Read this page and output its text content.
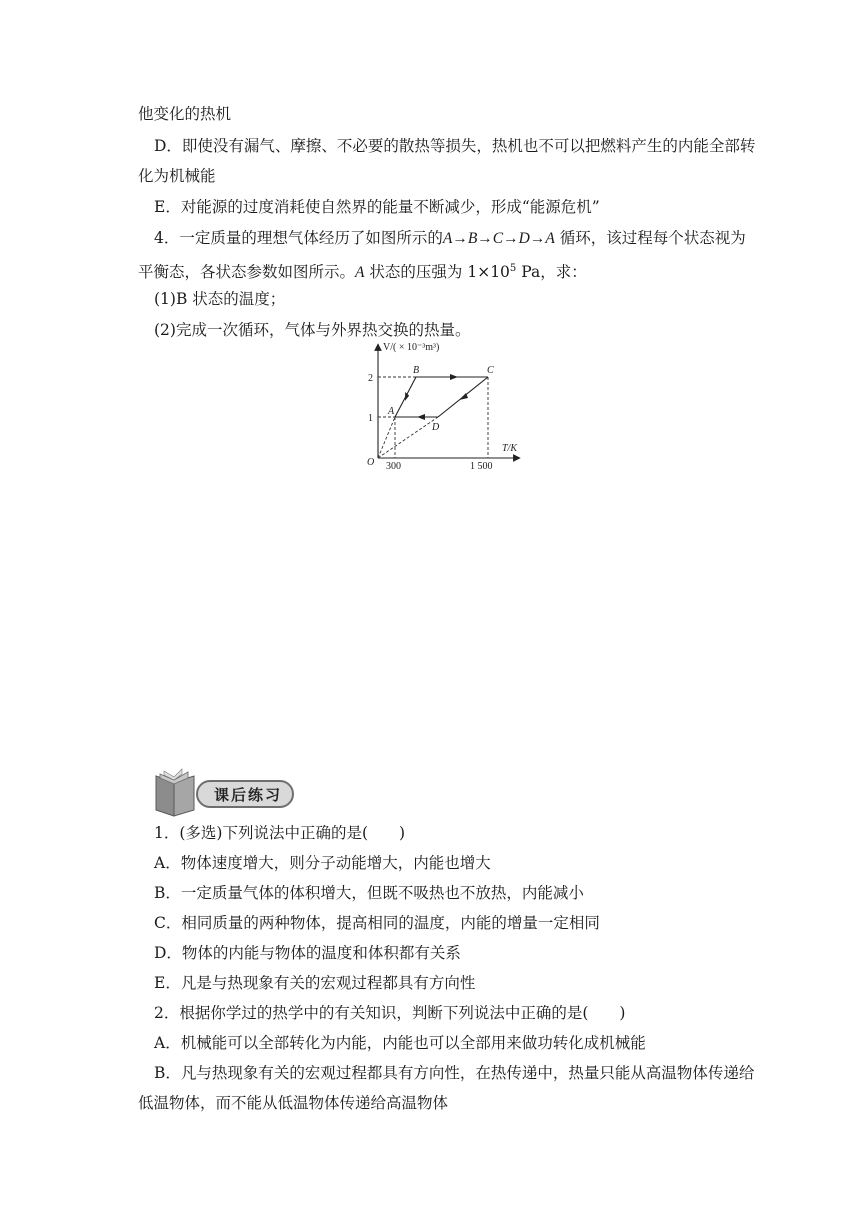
他变化的热机
D．即使没有漏气、摩擦、不必要的散热等损失，热机也不可以把燃料产生的内能全部转
化为机械能
E．对能源的过度消耗使自然界的能量不断减少，形成“能源危机”
4．一定质量的理想气体经历了如图所示的A→B→C→D→A 循环，该过程每个状态视为
平衡态，各状态参数如图所示。A 状态的压强为 $1\times 10^5$ Pa，求：
(1)B 状态的温度；
(2)完成一次循环，气体与外界热交换的热量。
V/( × 10⁻³m³)
T/K
O
1
2
300	1 500
A
B	C
D
课后练习
1．(多选)下列说法中正确的是(　　)
A．物体速度增大，则分子动能增大，内能也增大
B．一定质量气体的体积增大，但既不吸热也不放热，内能减小
C．相同质量的两种物体，提高相同的温度，内能的增量一定相同
D．物体的内能与物体的温度和体积都有关系
E．凡是与热现象有关的宏观过程都具有方向性
2．根据你学过的热学中的有关知识，判断下列说法中正确的是(　　)
A．机械能可以全部转化为内能，内能也可以全部用来做功转化成机械能
B．凡与热现象有关的宏观过程都具有方向性，在热传递中，热量只能从高温物体传递给
低温物体，而不能从低温物体传递给高温物体
